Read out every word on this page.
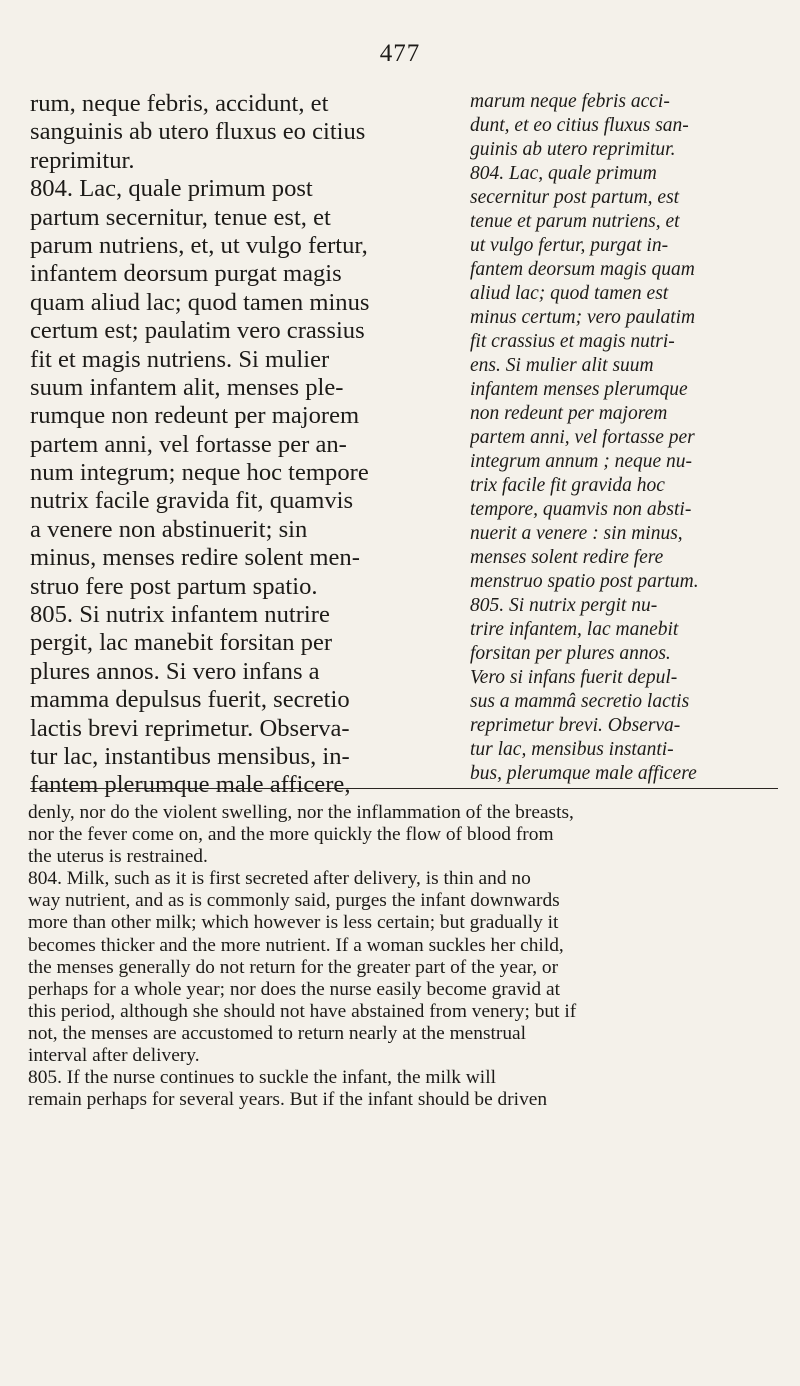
477
rum, neque febris, accidunt, et
sanguinis ab utero fluxus eo citius
reprimitur.
804. Lac, quale primum post
partum secernitur, tenue est, et
parum nutriens, et, ut vulgo fertur,
infantem deorsum purgat magis
quam aliud lac; quod tamen minus
certum est; paulatim vero crassius
fit et magis nutriens. Si mulier
suum infantem alit, menses ple-
rumque non redeunt per majorem
partem anni, vel fortasse per an-
num integrum; neque hoc tempore
nutrix facile gravida fit, quamvis
a venere non abstinuerit; sin
minus, menses redire solent men-
struo fere post partum spatio.
805. Si nutrix infantem nutrire
pergit, lac manebit forsitan per
plures annos. Si vero infans a
mamma depulsus fuerit, secretio
lactis brevi reprimetur. Observa-
tur lac, instantibus mensibus, in-
fantem plerumque male afficere,
marum neque febris acci-
dunt, et eo citius fluxus san-
guinis ab utero reprimitur.
804. Lac, quale primum
secernitur post partum, est
tenue et parum nutriens, et
ut vulgo fertur, purgat in-
fantem deorsum magis quam
aliud lac; quod tamen est
minus certum; vero paulatim
fit crassius et magis nutri-
ens. Si mulier alit suum
infantem menses plerumque
non redeunt per majorem
partem anni, vel fortasse per
integrum annum ; neque nu-
trix facile fit gravida hoc
tempore, quamvis non absti-
nuerit a venere : sin minus,
menses solent redire fere
menstruo spatio post partum.
805. Si nutrix pergit nu-
trire infantem, lac manebit
forsitan per plures annos.
Vero si infans fuerit depul-
sus a mammâ secretio lactis
reprimetur brevi. Observa-
tur lac, mensibus instanti-
bus, plerumque male afficere
denly, nor do the violent swelling, nor the inflammation of the breasts,
nor the fever come on, and the more quickly the flow of blood from
the uterus is restrained.
804. Milk, such as it is first secreted after delivery, is thin and no
way nutrient, and as is commonly said, purges the infant downwards
more than other milk; which however is less certain; but gradually it
becomes thicker and the more nutrient. If a woman suckles her child,
the menses generally do not return for the greater part of the year, or
perhaps for a whole year; nor does the nurse easily become gravid at
this period, although she should not have abstained from venery; but if
not, the menses are accustomed to return nearly at the menstrual
interval after delivery.
805. If the nurse continues to suckle the infant, the milk will
remain perhaps for several years. But if the infant should be driven
